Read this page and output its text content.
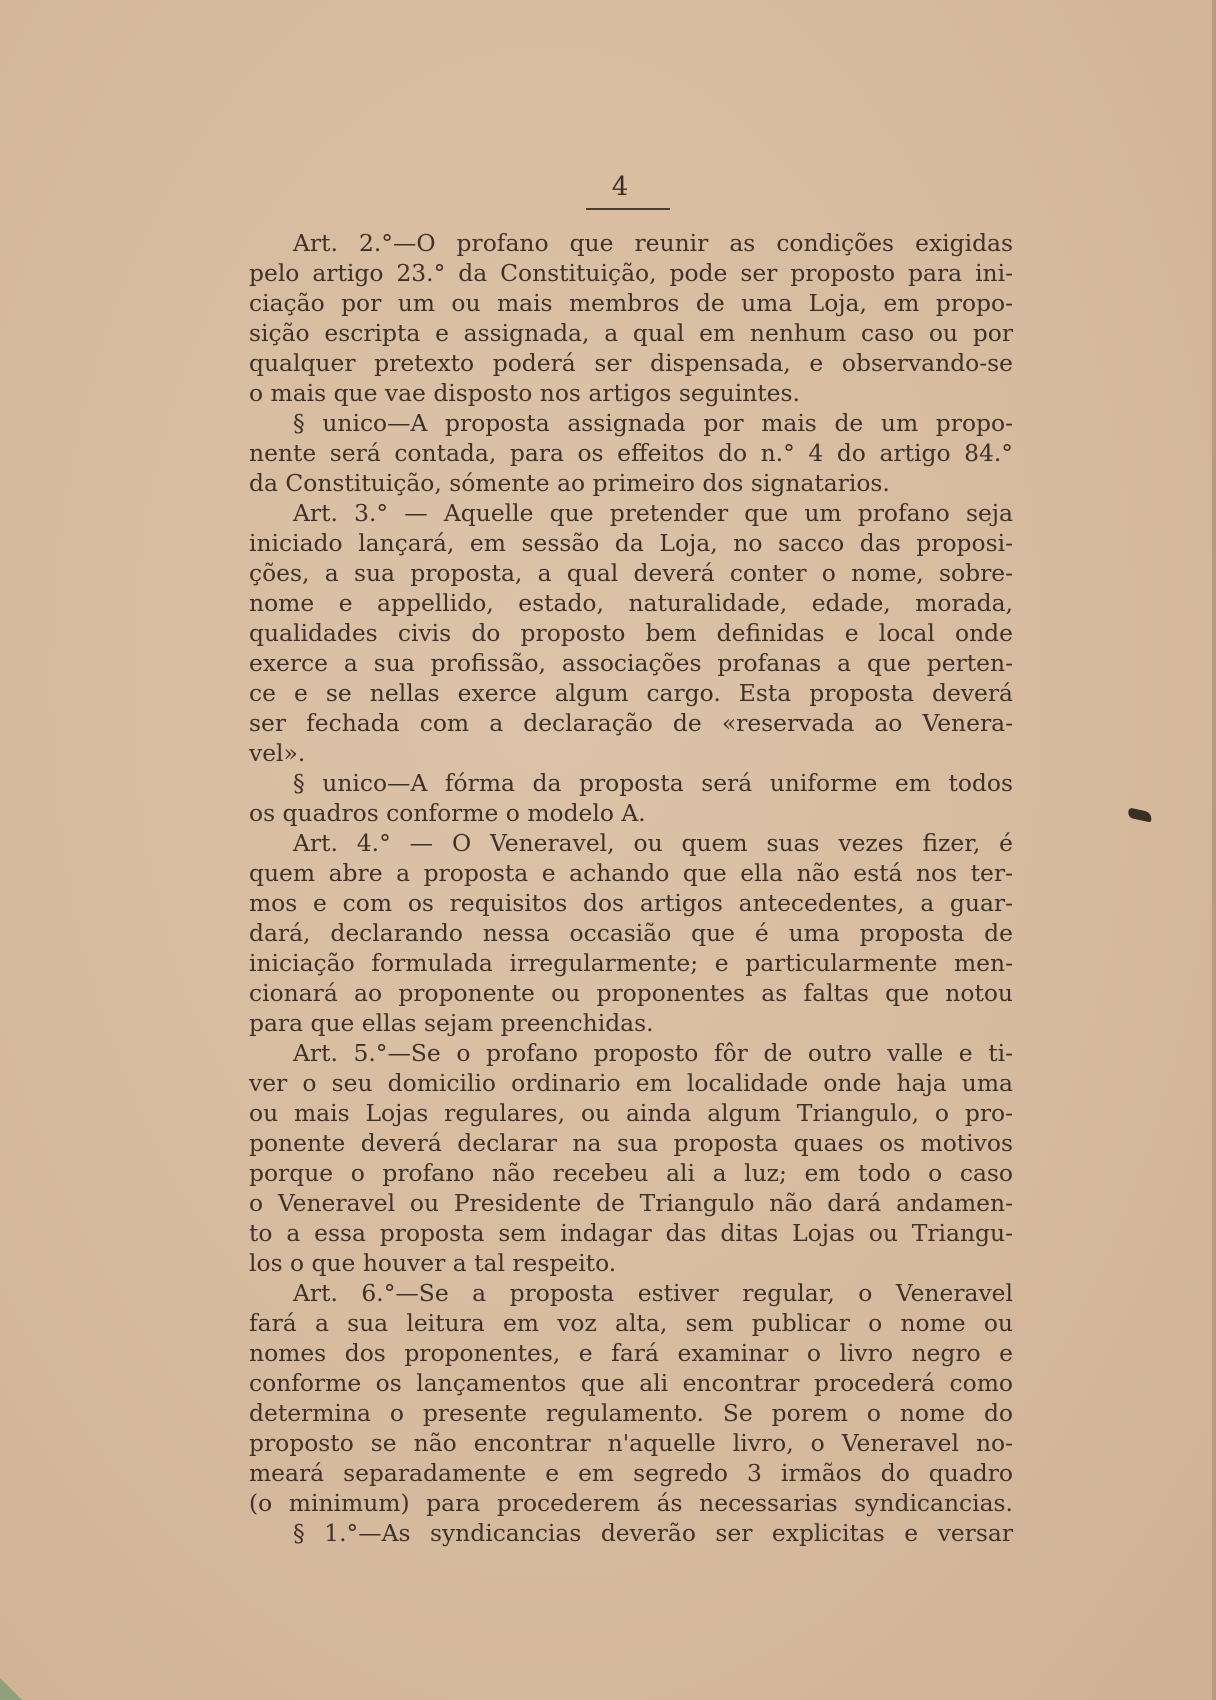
4
Art. 2.°—O profano que reunir as condições exigidas
pelo artigo 23.° da Constituição, pode ser proposto para ini-
ciação por um ou mais membros de uma Loja, em propo-
sição escripta e assignada, a qual em nenhum caso ou por
qualquer pretexto poderá ser dispensada, e observando-se
o mais que vae disposto nos artigos seguintes.
§ unico—A proposta assignada por mais de um propo-
nente será contada, para os effeitos do n.° 4 do artigo 84.°
da Constituição, sómente ao primeiro dos signatarios.
Art. 3.° — Aquelle que pretender que um profano seja
iniciado lançará, em sessão da Loja, no sacco das proposi-
ções, a sua proposta, a qual deverá conter o nome, sobre-
nome e appellido, estado, naturalidade, edade, morada,
qualidades civis do proposto bem definidas e local onde
exerce a sua profissão, associações profanas a que perten-
ce e se nellas exerce algum cargo. Esta proposta deverá
ser fechada com a declaração de «reservada ao Venera-
vel».
§ unico—A fórma da proposta será uniforme em todos
os quadros conforme o modelo A.
Art. 4.° — O Veneravel, ou quem suas vezes fizer, é
quem abre a proposta e achando que ella não está nos ter-
mos e com os requisitos dos artigos antecedentes, a guar-
dará, declarando nessa occasião que é uma proposta de
iniciação formulada irregularmente; e particularmente men-
cionará ao proponente ou proponentes as faltas que notou
para que ellas sejam preenchidas.
Art. 5.°—Se o profano proposto fôr de outro valle e ti-
ver o seu domicilio ordinario em localidade onde haja uma
ou mais Lojas regulares, ou ainda algum Triangulo, o pro-
ponente deverá declarar na sua proposta quaes os motivos
porque o profano não recebeu ali a luz; em todo o caso
o Veneravel ou Presidente de Triangulo não dará andamen-
to a essa proposta sem indagar das ditas Lojas ou Triangu-
los o que houver a tal respeito.
Art. 6.°—Se a proposta estiver regular, o Veneravel
fará a sua leitura em voz alta, sem publicar o nome ou
nomes dos proponentes, e fará examinar o livro negro e
conforme os lançamentos que ali encontrar procederá como
determina o presente regulamento. Se porem o nome do
proposto se não encontrar n'aquelle livro, o Veneravel no-
meará separadamente e em segredo 3 irmãos do quadro
(o minimum) para procederem ás necessarias syndicancias.
§ 1.°—As syndicancias deverão ser explicitas e versar
